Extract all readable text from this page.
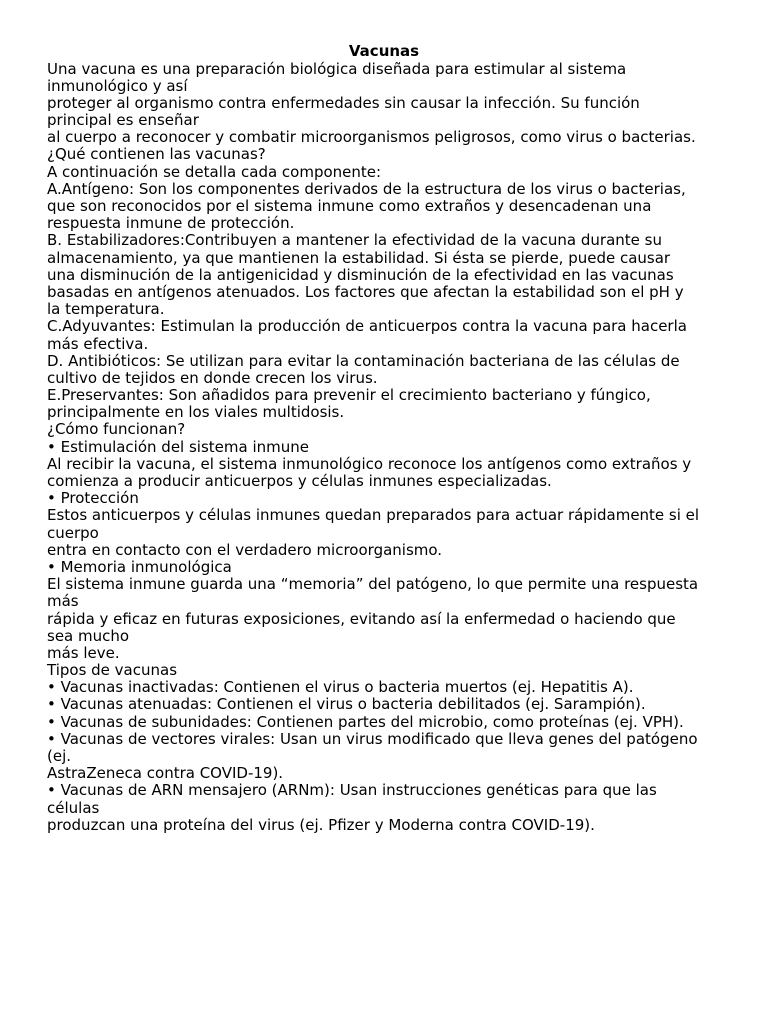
Vacunas
Una vacuna es una preparación biológica diseñada para estimular al sistema
inmunológico y así
proteger al organismo contra enfermedades sin causar la infección. Su función
principal es enseñar
al cuerpo a reconocer y combatir microorganismos peligrosos, como virus o bacterias.
¿Qué contienen las vacunas?
A continuación se detalla cada componente:
A.Antígeno: Son los componentes derivados de la estructura de los virus o bacterias,
que son reconocidos por el sistema inmune como extraños y desencadenan una
respuesta inmune de protección.
B. Estabilizadores:Contribuyen a mantener la efectividad de la vacuna durante su
almacenamiento, ya que mantienen la estabilidad. Si ésta se pierde, puede causar
una disminución de la antigenicidad y disminución de la efectividad en las vacunas
basadas en antígenos atenuados. Los factores que afectan la estabilidad son el pH y
la temperatura.
C.Adyuvantes: Estimulan la producción de anticuerpos contra la vacuna para hacerla
más efectiva.
D. Antibióticos: Se utilizan para evitar la contaminación bacteriana de las células de
cultivo de tejidos en donde crecen los virus.
E.Preservantes: Son añadidos para prevenir el crecimiento bacteriano y fúngico,
principalmente en los viales multidosis.
¿Cómo funcionan?
• Estimulación del sistema inmune
Al recibir la vacuna, el sistema inmunológico reconoce los antígenos como extraños y
comienza a producir anticuerpos y células inmunes especializadas.
• Protección
Estos anticuerpos y células inmunes quedan preparados para actuar rápidamente si el
cuerpo
entra en contacto con el verdadero microorganismo.
• Memoria inmunológica
El sistema inmune guarda una “memoria” del patógeno, lo que permite una respuesta
más
rápida y eficaz en futuras exposiciones, evitando así la enfermedad o haciendo que
sea mucho
más leve.
Tipos de vacunas
• Vacunas inactivadas: Contienen el virus o bacteria muertos (ej. Hepatitis A).
• Vacunas atenuadas: Contienen el virus o bacteria debilitados (ej. Sarampión).
• Vacunas de subunidades: Contienen partes del microbio, como proteínas (ej. VPH).
• Vacunas de vectores virales: Usan un virus modificado que lleva genes del patógeno
(ej.
AstraZeneca contra COVID-19).
• Vacunas de ARN mensajero (ARNm): Usan instrucciones genéticas para que las
células
produzcan una proteína del virus (ej. Pfizer y Moderna contra COVID-19).
